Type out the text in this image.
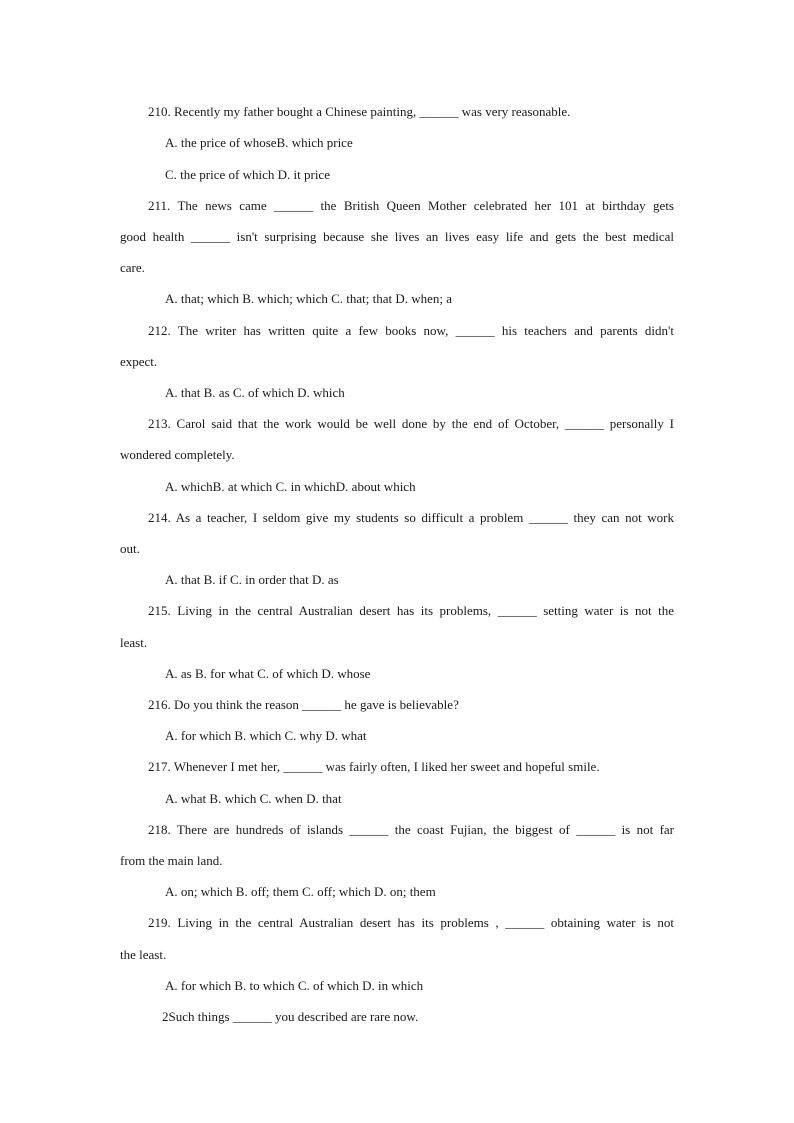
210. Recently my father bought a Chinese painting, ______ was very reasonable.
A. the price of whoseB. which price
C. the price of which D. it price
211. The news came ______ the British Queen Mother celebrated her 101 at birthday gets
good health ______ isn't surprising because she lives an lives easy life and gets the best medical
care.
A. that; which B. which; which C. that; that D. when; a
212. The writer has written quite a few books now, ______ his teachers and parents didn't
expect.
A. that B. as C. of which D. which
213. Carol said that the work would be well done by the end of October, ______ personally I
wondered completely.
A. whichB. at which C. in whichD. about which
214. As a teacher, I seldom give my students so difficult a problem ______ they can not work
out.
A. that B. if C. in order that D. as
215. Living in the central Australian desert has its problems, ______ setting water is not the
least.
A. as B. for what C. of which D. whose
216. Do you think the reason ______ he gave is believable?
A. for which B. which C. why D. what
217. Whenever I met her, ______ was fairly often, I liked her sweet and hopeful smile.
A. what B. which C. when D. that
218. There are hundreds of islands ______ the coast Fujian, the biggest of ______ is not far
from the main land.
A. on; which B. off; them C. off; which D. on; them
219. Living in the central Australian desert has its problems , ______ obtaining water is not
the least.
A. for which B. to which C. of which D. in which
2Such things ______ you described are rare now.
